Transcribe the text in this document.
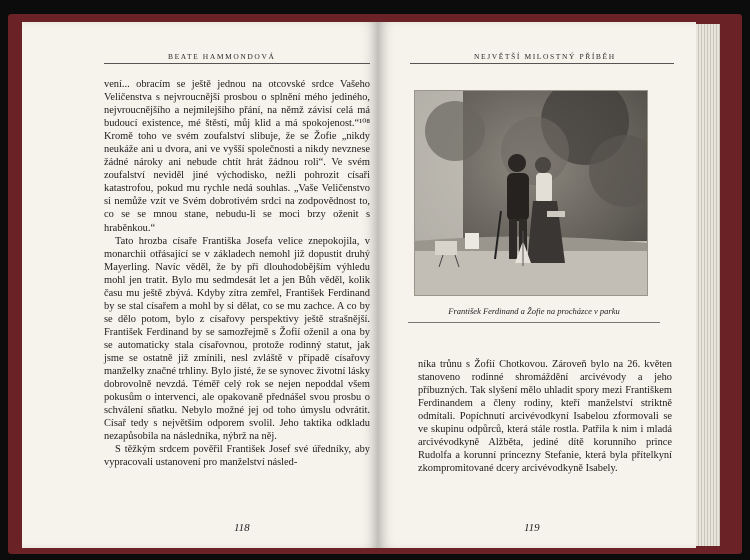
BEATE HAMMONDOVÁ

vení... obracím se ještě jednou na otcovské srdce Vašeho Veličenstva s nejvroucnější prosbou o splnění mého jediného, nejvroucnějšího a nejmilejšího přání, na němž závisí celá má budoucí existence, mé štěstí, můj klid a má spokojenost.“¹⁰⁸ Kromě toho ve svém zoufalství slibuje, že se Žofie „nikdy neukáže ani u dvora, ani ve vyšší společnosti a nikdy nevznese žádné nároky ani nebude chtít hrát žádnou roli“. Ve svém zoufalství neviděl jiné východisko, nežli pohrozit císaři katastrofou, pokud mu rychle nedá souhlas. „Vaše Veličenstvo si nemůže vzít ve Svém dobrotivém srdci na zodpovědnost to, co se se mnou stane, nebudu-li se moci brzy oženit s hraběnkou.“

Tato hrozba císaře Františka Josefa velice znepokojila, v monarchii otřásající se v základech nemohl již dopustit druhý Mayerling. Navíc věděl, že by při dlouhodobějším výhledu mohl jen tratit. Bylo mu sedmdesát let a jen Bůh věděl, kolik času mu ještě zbývá. Kdyby zítra zemřel, František Ferdinand by se stal císařem a mohl by si dělat, co se mu zachce. A co by se dělo potom, bylo z císařovy perspektivy ještě strašnější. František Ferdinand by se samozřejmě s Žofií oženil a ona by se automaticky stala císařovnou, protože rodinný statut, jak jsme se ostatně již zmínili, nesl zvláště v případě císařovy manželky značné trhliny. Bylo jisté, že se synovec životní lásky dobrovolně nevzdá. Téměř celý rok se nejen nepoddal všem pokusům o intervenci, ale opakovaně přednášel svou prosbu o schválení sňatku. Nebylo možné jej od toho úmyslu odvrátit. Císař tedy s největším odporem svolil. Jeho taktika odkladu nezapůsobila na následníka, nýbrž na něj.

S těžkým srdcem pověřil František Josef své úředníky, aby vypracovali ustanovení pro manželství násled-

118
NEJVĚTŠÍ MILOSTNÝ PŘÍBĚH
František Ferdinand a Žofie na procházce v parku

níka trůnu s Žofií Chotkovou. Zároveň bylo na 26. květen stanoveno rodinné shromáždění arcivévody a jeho příbuzných. Tak slyšení mělo uhladit spory mezi Františkem Ferdinandem a členy rodiny, kteří manželství striktně odmítali. Popíchnutí arcivévodkyní Isabelou zformovali se ve skupinu odpůrců, která stále rostla. Patřila k nim i mladá arcivévodkyně Alžběta, jediné dítě korunního prince Rudolfa a korunní princezny Stefanie, která byla přítelkyní zkompromitované dcery arcivévodkyně Isabely.

119
